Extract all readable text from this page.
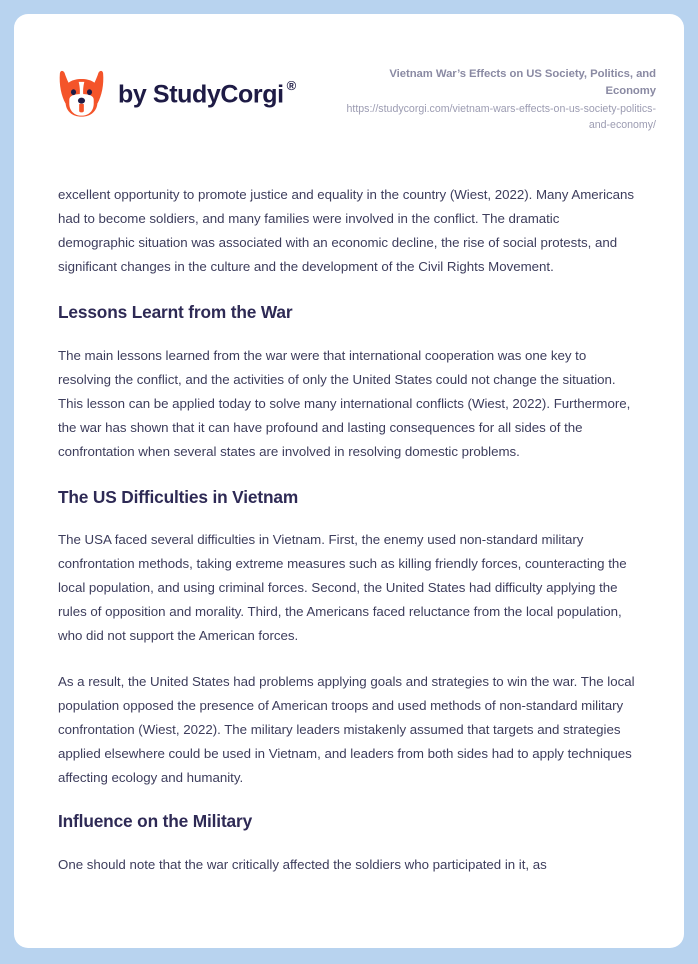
by StudyCorgi ®

Vietnam War’s Effects on US Society, Politics, and Economy

https://studycorgi.com/vietnam-wars-effects-on-us-society-politics-and-economy/

excellent opportunity to promote justice and equality in the country (Wiest, 2022). Many Americans had to become soldiers, and many families were involved in the conflict. The dramatic demographic situation was associated with an economic decline, the rise of social protests, and significant changes in the culture and the development of the Civil Rights Movement.

Lessons Learnt from the War

The main lessons learned from the war were that international cooperation was one key to resolving the conflict, and the activities of only the United States could not change the situation. This lesson can be applied today to solve many international conflicts (Wiest, 2022). Furthermore, the war has shown that it can have profound and lasting consequences for all sides of the confrontation when several states are involved in resolving domestic problems.

The US Difficulties in Vietnam

The USA faced several difficulties in Vietnam. First, the enemy used non-standard military confrontation methods, taking extreme measures such as killing friendly forces, counteracting the local population, and using criminal forces. Second, the United States had difficulty applying the rules of opposition and morality. Third, the Americans faced reluctance from the local population, who did not support the American forces.

As a result, the United States had problems applying goals and strategies to win the war. The local population opposed the presence of American troops and used methods of non-standard military confrontation (Wiest, 2022). The military leaders mistakenly assumed that targets and strategies applied elsewhere could be used in Vietnam, and leaders from both sides had to apply techniques affecting ecology and humanity.

Influence on the Military

One should note that the war critically affected the soldiers who participated in it, as
